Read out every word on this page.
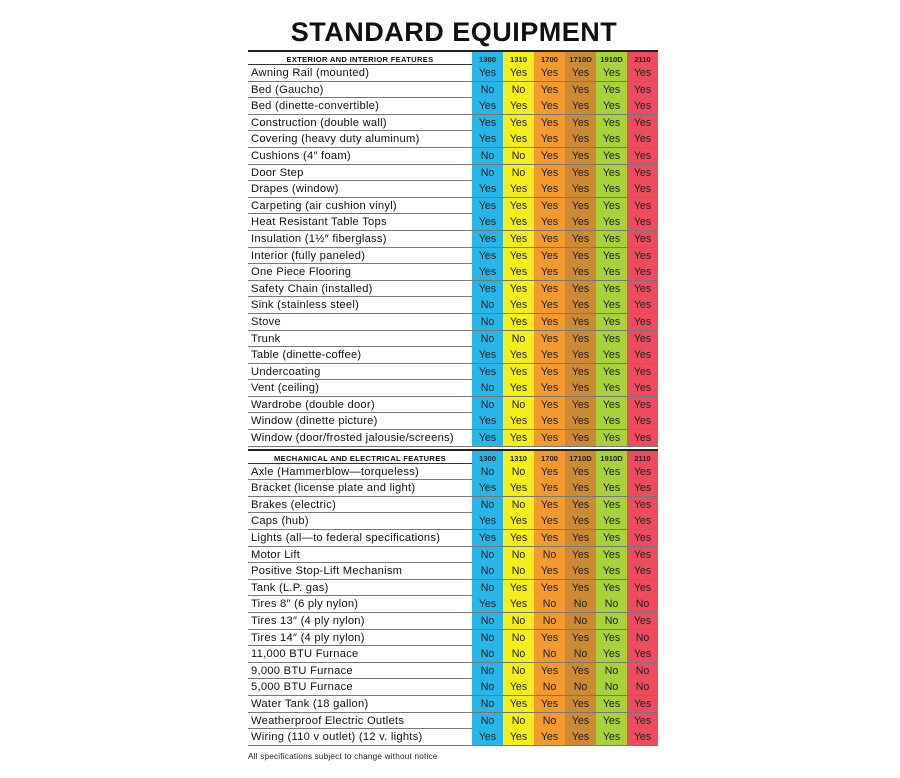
STANDARD EQUIPMENT
EXTERIOR AND INTERIOR FEATURES	1300	1310	1700	1710D	1910D	2110
Awning Rail (mounted)	Yes	Yes	Yes	Yes	Yes	Yes
Bed (Gaucho)	No	No	Yes	Yes	Yes	Yes
Bed (dinette-convertible)	Yes	Yes	Yes	Yes	Yes	Yes
Construction (double wall)	Yes	Yes	Yes	Yes	Yes	Yes
Covering (heavy duty aluminum)	Yes	Yes	Yes	Yes	Yes	Yes
Cushions (4″ foam)	No	No	Yes	Yes	Yes	Yes
Door Step	No	No	Yes	Yes	Yes	Yes
Drapes (window)	Yes	Yes	Yes	Yes	Yes	Yes
Carpeting (air cushion vinyl)	Yes	Yes	Yes	Yes	Yes	Yes
Heat Resistant Table Tops	Yes	Yes	Yes	Yes	Yes	Yes
Insulation (1½″ fiberglass)	Yes	Yes	Yes	Yes	Yes	Yes
Interior (fully paneled)	Yes	Yes	Yes	Yes	Yes	Yes
One Piece Flooring	Yes	Yes	Yes	Yes	Yes	Yes
Safety Chain (installed)	Yes	Yes	Yes	Yes	Yes	Yes
Sink (stainless steel)	No	Yes	Yes	Yes	Yes	Yes
Stove	No	Yes	Yes	Yes	Yes	Yes
Trunk	No	No	Yes	Yes	Yes	Yes
Table (dinette-coffee)	Yes	Yes	Yes	Yes	Yes	Yes
Undercoating	Yes	Yes	Yes	Yes	Yes	Yes
Vent (ceiling)	No	Yes	Yes	Yes	Yes	Yes
Wardrobe (double door)	No	No	Yes	Yes	Yes	Yes
Window (dinette picture)	Yes	Yes	Yes	Yes	Yes	Yes
Window (door/frosted jalousie/screens)	Yes	Yes	Yes	Yes	Yes	Yes
MECHANICAL AND ELECTRICAL FEATURES	1300	1310	1700	1710D	1910D	2110
Axle (Hammerblow—torqueless)	No	No	Yes	Yes	Yes	Yes
Bracket (license plate and light)	Yes	Yes	Yes	Yes	Yes	Yes
Brakes (electric)	No	No	Yes	Yes	Yes	Yes
Caps (hub)	Yes	Yes	Yes	Yes	Yes	Yes
Lights (all—to federal specifications)	Yes	Yes	Yes	Yes	Yes	Yes
Motor Lift	No	No	No	Yes	Yes	Yes
Positive Stop-Lift Mechanism	No	No	Yes	Yes	Yes	Yes
Tank (L.P. gas)	No	Yes	Yes	Yes	Yes	Yes
Tires 8″ (6 ply nylon)	Yes	Yes	No	No	No	No
Tires 13″ (4 ply nylon)	No	No	No	No	No	Yes
Tires 14″ (4 ply nylon)	No	No	Yes	Yes	Yes	No
11,000 BTU Furnace	No	No	No	No	Yes	Yes
9,000 BTU Furnace	No	No	Yes	Yes	No	No
5,000 BTU Furnace	No	Yes	No	No	No	No
Water Tank (18 gallon)	No	Yes	Yes	Yes	Yes	Yes
Weatherproof Electric Outlets	No	No	No	Yes	Yes	Yes
Wiring (110 v outlet) (12 v. lights)	Yes	Yes	Yes	Yes	Yes	Yes
All specifications subject to change without notice
